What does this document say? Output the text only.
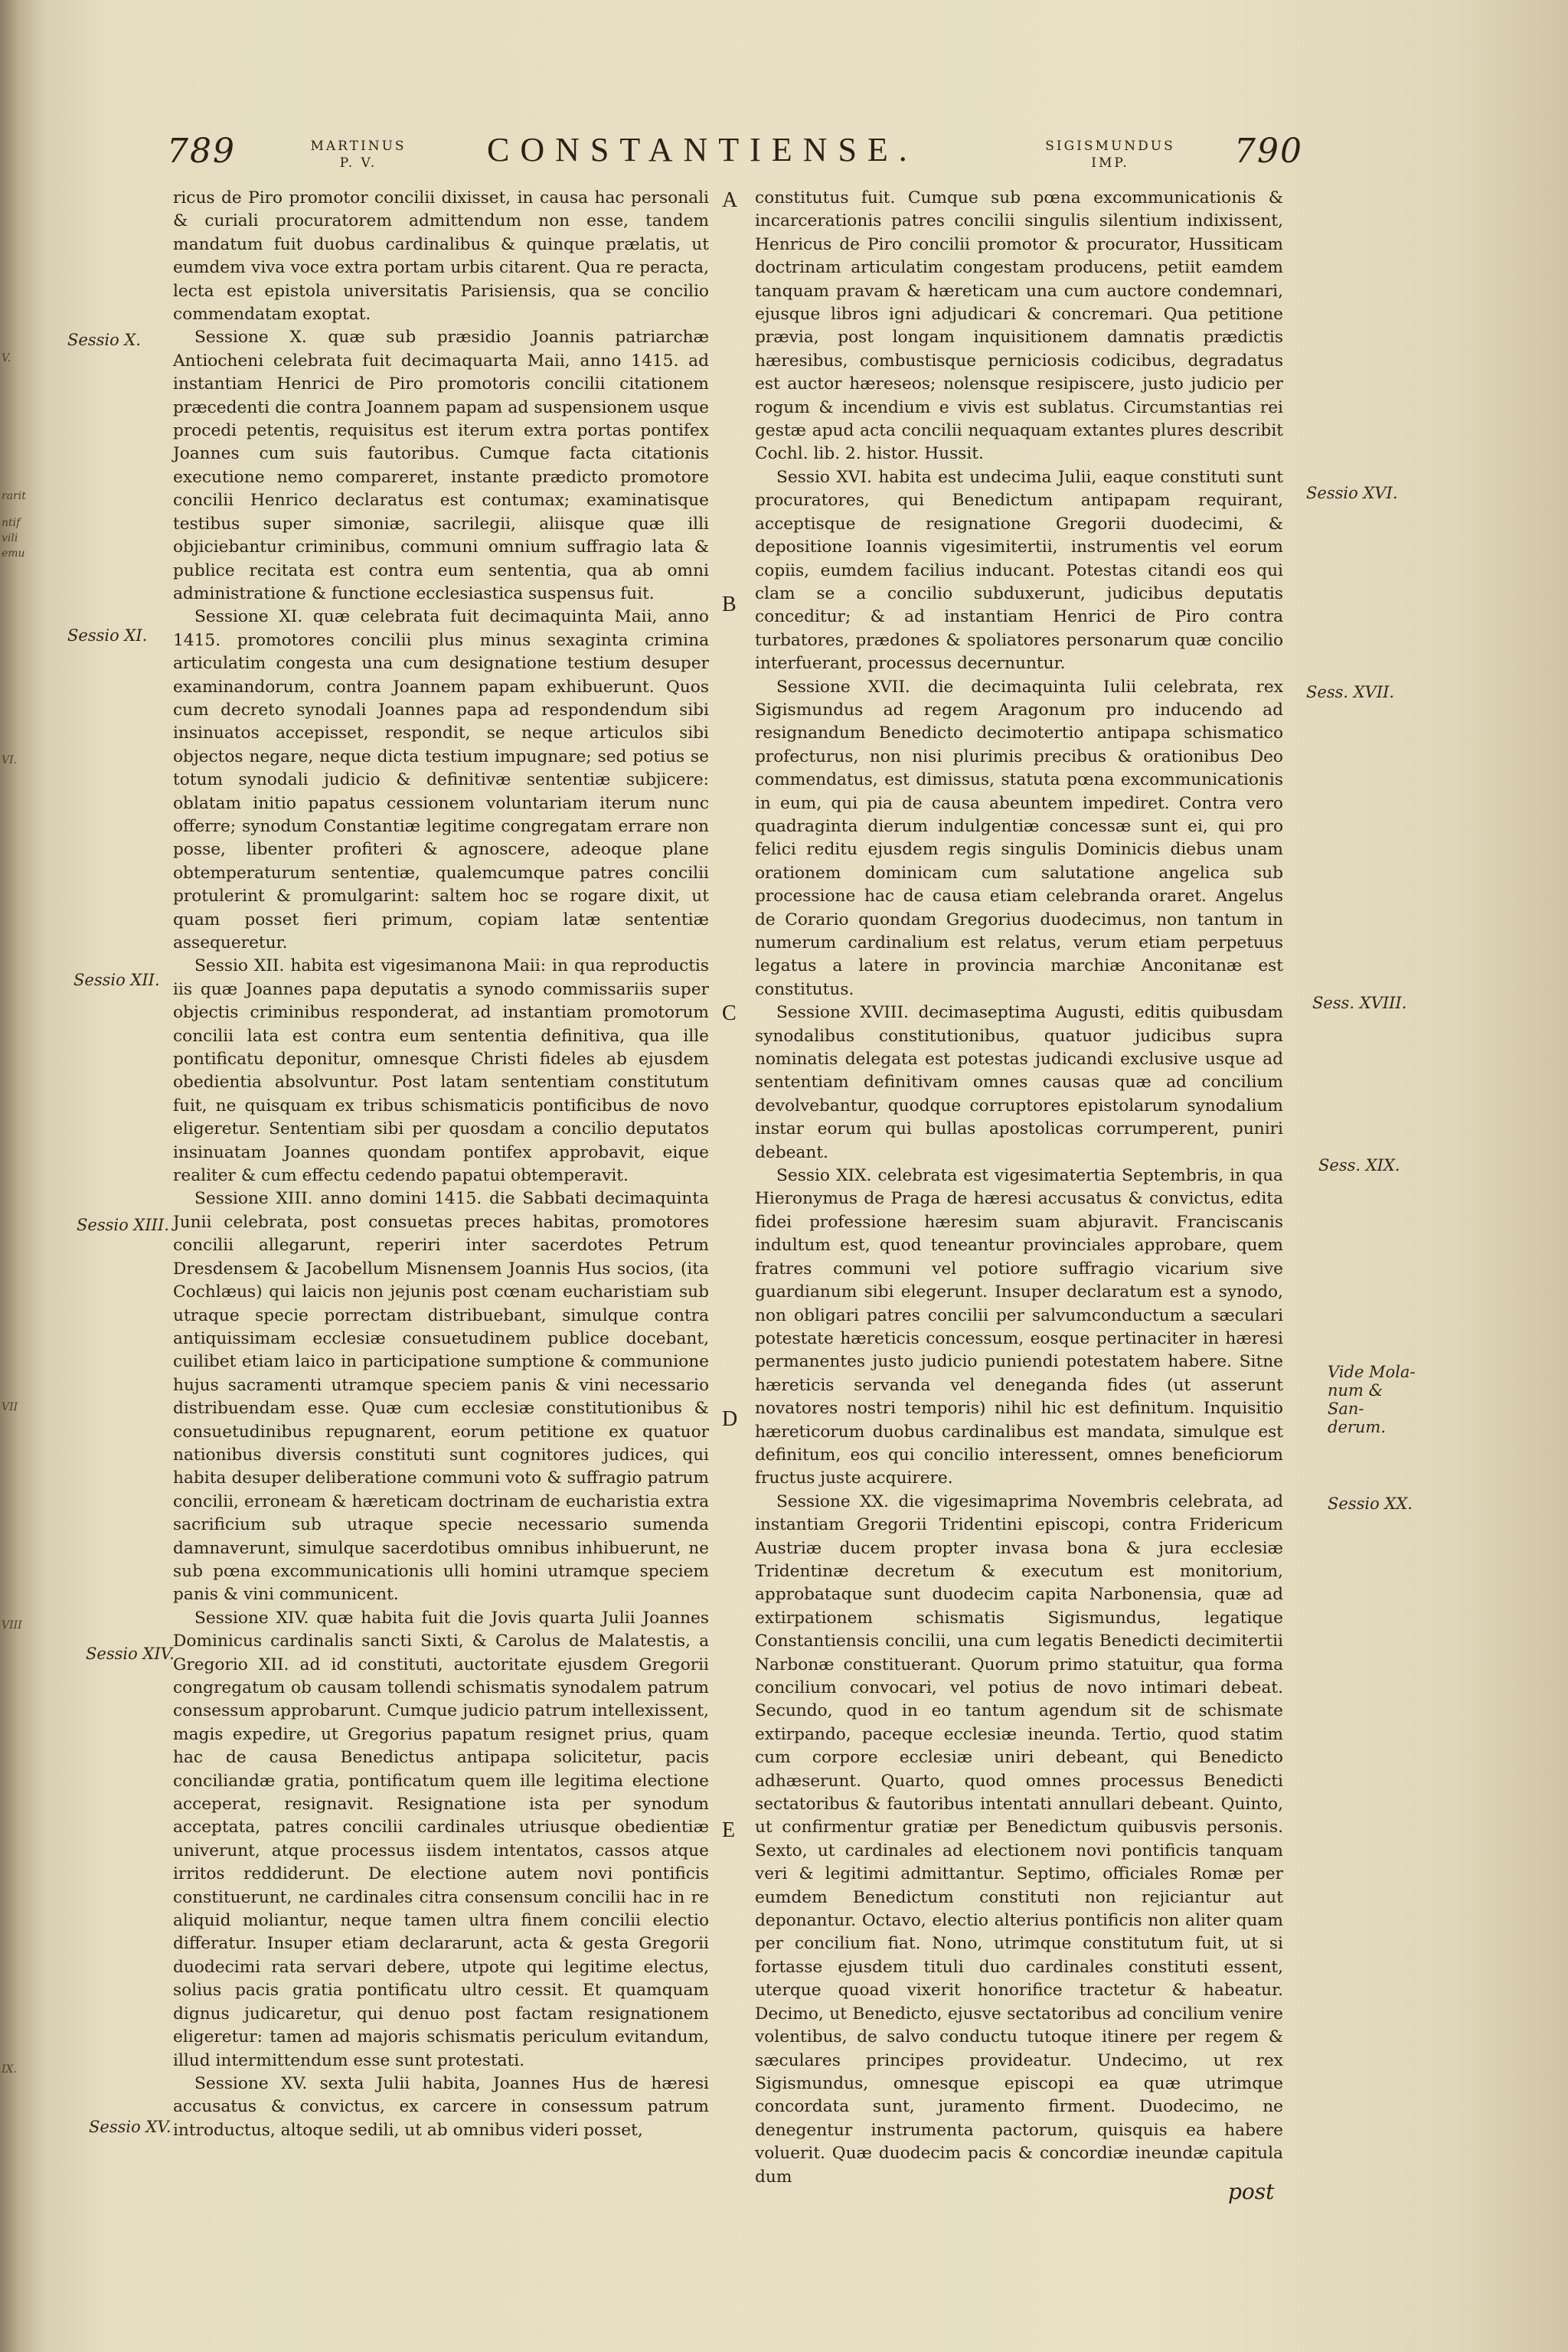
V.
rarit
ntif
vili
emu
VI.
VII
VIII
IX.
789	MARTINUS
P. V.	CONSTANTIENSE.	SIGISMUNDUS
IMP.	790
Sessio X.
Sessio XI.
Sessio XII.
Sessio XIII.
Sessio XIV.
Sessio XV.

ricus de Piro promotor concilii dixisset, in causa hac personali & curiali procuratorem admittendum non esse, tandem mandatum fuit duobus cardinalibus & quinque prælatis, ut eumdem viva voce extra portam urbis citarent. Qua re peracta, lecta est epistola universitatis Parisiensis, qua se concilio commendatam exoptat.

Sessione X. quæ sub præsidio Joannis patriarchæ Antiocheni celebrata fuit decimaquarta Maii, anno 1415. ad instantiam Henrici de Piro promotoris concilii citationem præcedenti die contra Joannem papam ad suspensionem usque procedi petentis, requisitus est iterum extra portas pontifex Joannes cum suis fautoribus. Cumque facta citationis executione nemo compareret, instante prædicto promotore concilii Henrico declaratus est contumax; examinatisque testibus super simoniæ, sacrilegii, aliisque quæ illi objiciebantur criminibus, communi omnium suffragio lata & publice recitata est contra eum sententia, qua ab omni administratione & functione ecclesiastica suspensus fuit.

Sessione XI. quæ celebrata fuit decimaquinta Maii, anno 1415. promotores concilii plus minus sexaginta crimina articulatim congesta una cum designatione testium desuper examinandorum, contra Joannem papam exhibuerunt. Quos cum decreto synodali Joannes papa ad respondendum sibi insinuatos accepisset, respondit, se neque articulos sibi objectos negare, neque dicta testium impugnare; sed potius se totum synodali judicio & definitivæ sententiæ subjicere: oblatam initio papatus cessionem voluntariam iterum nunc offerre; synodum Constantiæ legitime congregatam errare non posse, libenter profiteri & agnoscere, adeoque plane obtemperaturum sententiæ, qualemcumque patres concilii protulerint & promulgarint: saltem hoc se rogare dixit, ut quam posset fieri primum, copiam latæ sententiæ assequeretur.

Sessio XII. habita est vigesimanona Maii: in qua reproductis iis quæ Joannes papa deputatis a synodo commissariis super objectis criminibus responderat, ad instantiam promotorum concilii lata est contra eum sententia definitiva, qua ille pontificatu deponitur, omnesque Christi fideles ab ejusdem obedientia absolvuntur. Post latam sententiam constitutum fuit, ne quisquam ex tribus schismaticis pontificibus de novo eligeretur. Sententiam sibi per quosdam a concilio deputatos insinuatam Joannes quondam pontifex approbavit, eique realiter & cum effectu cedendo papatui obtemperavit.

Sessione XIII. anno domini 1415. die Sabbati decimaquinta Junii celebrata, post consuetas preces habitas, promotores concilii allegarunt, reperiri inter sacerdotes Petrum Dresdensem & Jacobellum Misnensem Joannis Hus socios, (ita Cochlæus) qui laicis non jejunis post cœnam eucharistiam sub utraque specie porrectam distribuebant, simulque contra antiquissimam ecclesiæ consuetudinem publice docebant, cuilibet etiam laico in participatione sumptione & communione hujus sacramenti utramque speciem panis & vini necessario distribuendam esse. Quæ cum ecclesiæ constitutionibus & consuetudinibus repugnarent, eorum petitione ex quatuor nationibus diversis constituti sunt cognitores judices, qui habita desuper deliberatione communi voto & suffragio patrum concilii, erroneam & hæreticam doctrinam de eucharistia extra sacrificium sub utraque specie necessario sumenda damnaverunt, simulque sacerdotibus omnibus inhibuerunt, ne sub pœna excommunicationis ulli homini utramque speciem panis & vini communicent.

Sessione XIV. quæ habita fuit die Jovis quarta Julii Joannes Dominicus cardinalis sancti Sixti, & Carolus de Malatestis, a Gregorio XII. ad id constituti, auctoritate ejusdem Gregorii congregatum ob causam tollendi schismatis synodalem patrum consessum approbarunt. Cumque judicio patrum intellexissent, magis expedire, ut Gregorius papatum resignet prius, quam hac de causa Benedictus antipapa solicitetur, pacis conciliandæ gratia, pontificatum quem ille legitima electione acceperat, resignavit. Resignatione ista per synodum acceptata, patres concilii cardinales utriusque obedientiæ univerunt, atque processus iisdem intentatos, cassos atque irritos reddiderunt. De electione autem novi pontificis constituerunt, ne cardinales citra consensum concilii hac in re aliquid moliantur, neque tamen ultra finem concilii electio differatur. Insuper etiam declararunt, acta & gesta Gregorii duodecimi rata servari debere, utpote qui legitime electus, solius pacis gratia pontificatu ultro cessit. Et quamquam dignus judicaretur, qui denuo post factam resignationem eligeretur: tamen ad majoris schismatis periculum evitandum, illud intermittendum esse sunt protestati.

Sessione XV. sexta Julii habita, Joannes Hus de hæresi accusatus & convictus, ex carcere in consessum patrum introductus, altoque sedili, ut ab omnibus videri posset,

A
B
C
D
E

constitutus fuit. Cumque sub pœna excommunicationis & incarcerationis patres concilii singulis silentium indixissent, Henricus de Piro concilii promotor & procurator, Hussiticam doctrinam articulatim congestam producens, petiit eamdem tanquam pravam & hæreticam una cum auctore condemnari, ejusque libros igni adjudicari & concremari. Qua petitione prævia, post longam inquisitionem damnatis prædictis hæresibus, combustisque perniciosis codicibus, degradatus est auctor hæreseos; nolensque resipiscere, justo judicio per rogum & incendium e vivis est sublatus. Circumstantias rei gestæ apud acta concilii nequaquam extantes plures describit Cochl. lib. 2. histor. Hussit.

Sessio XVI. habita est undecima Julii, eaque constituti sunt procuratores, qui Benedictum antipapam requirant, acceptisque de resignatione Gregorii duodecimi, & depositione Ioannis vigesimitertii, instrumentis vel eorum copiis, eumdem facilius inducant. Potestas citandi eos qui clam se a concilio subduxerunt, judicibus deputatis conceditur; & ad instantiam Henrici de Piro contra turbatores, prædones & spoliatores personarum quæ concilio interfuerant, processus decernuntur.

Sessione XVII. die decimaquinta Iulii celebrata, rex Sigismundus ad regem Aragonum pro inducendo ad resignandum Benedicto decimotertio antipapa schismatico profecturus, non nisi plurimis precibus & orationibus Deo commendatus, est dimissus, statuta pœna excommunicationis in eum, qui pia de causa abeuntem impediret. Contra vero quadraginta dierum indulgentiæ concessæ sunt ei, qui pro felici reditu ejusdem regis singulis Dominicis diebus unam orationem dominicam cum salutatione angelica sub processione hac de causa etiam celebranda oraret. Angelus de Corario quondam Gregorius duodecimus, non tantum in numerum cardinalium est relatus, verum etiam perpetuus legatus a latere in provincia marchiæ Anconitanæ est constitutus.

Sessione XVIII. decimaseptima Augusti, editis quibusdam synodalibus constitutionibus, quatuor judicibus supra nominatis delegata est potestas judicandi exclusive usque ad sententiam definitivam omnes causas quæ ad concilium devolvebantur, quodque corruptores epistolarum synodalium instar eorum qui bullas apostolicas corrumperent, puniri debeant.

Sessio XIX. celebrata est vigesimatertia Septembris, in qua Hieronymus de Praga de hæresi accusatus & convictus, edita fidei professione hæresim suam abjuravit. Franciscanis indultum est, quod teneantur provinciales approbare, quem fratres communi vel potiore suffragio vicarium sive guardianum sibi elegerunt. Insuper declaratum est a synodo, non obligari patres concilii per salvumconductum a sæculari potestate hæreticis concessum, eosque pertinaciter in hæresi permanentes justo judicio puniendi potestatem habere. Sitne hæreticis servanda vel deneganda fides (ut asserunt novatores nostri temporis) nihil hic est definitum. Inquisitio hæreticorum duobus cardinalibus est mandata, simulque est definitum, eos qui concilio interessent, omnes beneficiorum fructus juste acquirere.

Sessione XX. die vigesimaprima Novembris celebrata, ad instantiam Gregorii Tridentini episcopi, contra Fridericum Austriæ ducem propter invasa bona & jura ecclesiæ Tridentinæ decretum & executum est monitorium, approbataque sunt duodecim capita Narbonensia, quæ ad extirpationem schismatis Sigismundus, legatique Constantiensis concilii, una cum legatis Benedicti decimitertii Narbonæ constituerant. Quorum primo statuitur, qua forma concilium convocari, vel potius de novo intimari debeat. Secundo, quod in eo tantum agendum sit de schismate extirpando, paceque ecclesiæ ineunda. Tertio, quod statim cum corpore ecclesiæ uniri debeant, qui Benedicto adhæserunt. Quarto, quod omnes processus Benedicti sectatoribus & fautoribus intentati annullari debeant. Quinto, ut confirmentur gratiæ per Benedictum quibusvis personis. Sexto, ut cardinales ad electionem novi pontificis tanquam veri & legitimi admittantur. Septimo, officiales Romæ per eumdem Benedictum constituti non rejiciantur aut deponantur. Octavo, electio alterius pontificis non aliter quam per concilium fiat. Nono, utrimque constitutum fuit, ut si fortasse ejusdem tituli duo cardinales constituti essent, uterque quoad vixerit honorifice tractetur & habeatur. Decimo, ut Benedicto, ejusve sectatoribus ad concilium venire volentibus, de salvo conductu tutoque itinere per regem & sæculares principes provideatur. Undecimo, ut rex Sigismundus, omnesque episcopi ea quæ utrimque concordata sunt, juramento firment. Duodecimo, ne denegentur instrumenta pactorum, quisquis ea habere voluerit. Quæ duodecim pacis & concordiæ ineundæ capitula dum

Sessio XVI.
Sess. XVII.
Sess. XVIII.
Sess. XIX.
Vide Mola-num & San-derum.
Sessio XX.
post
